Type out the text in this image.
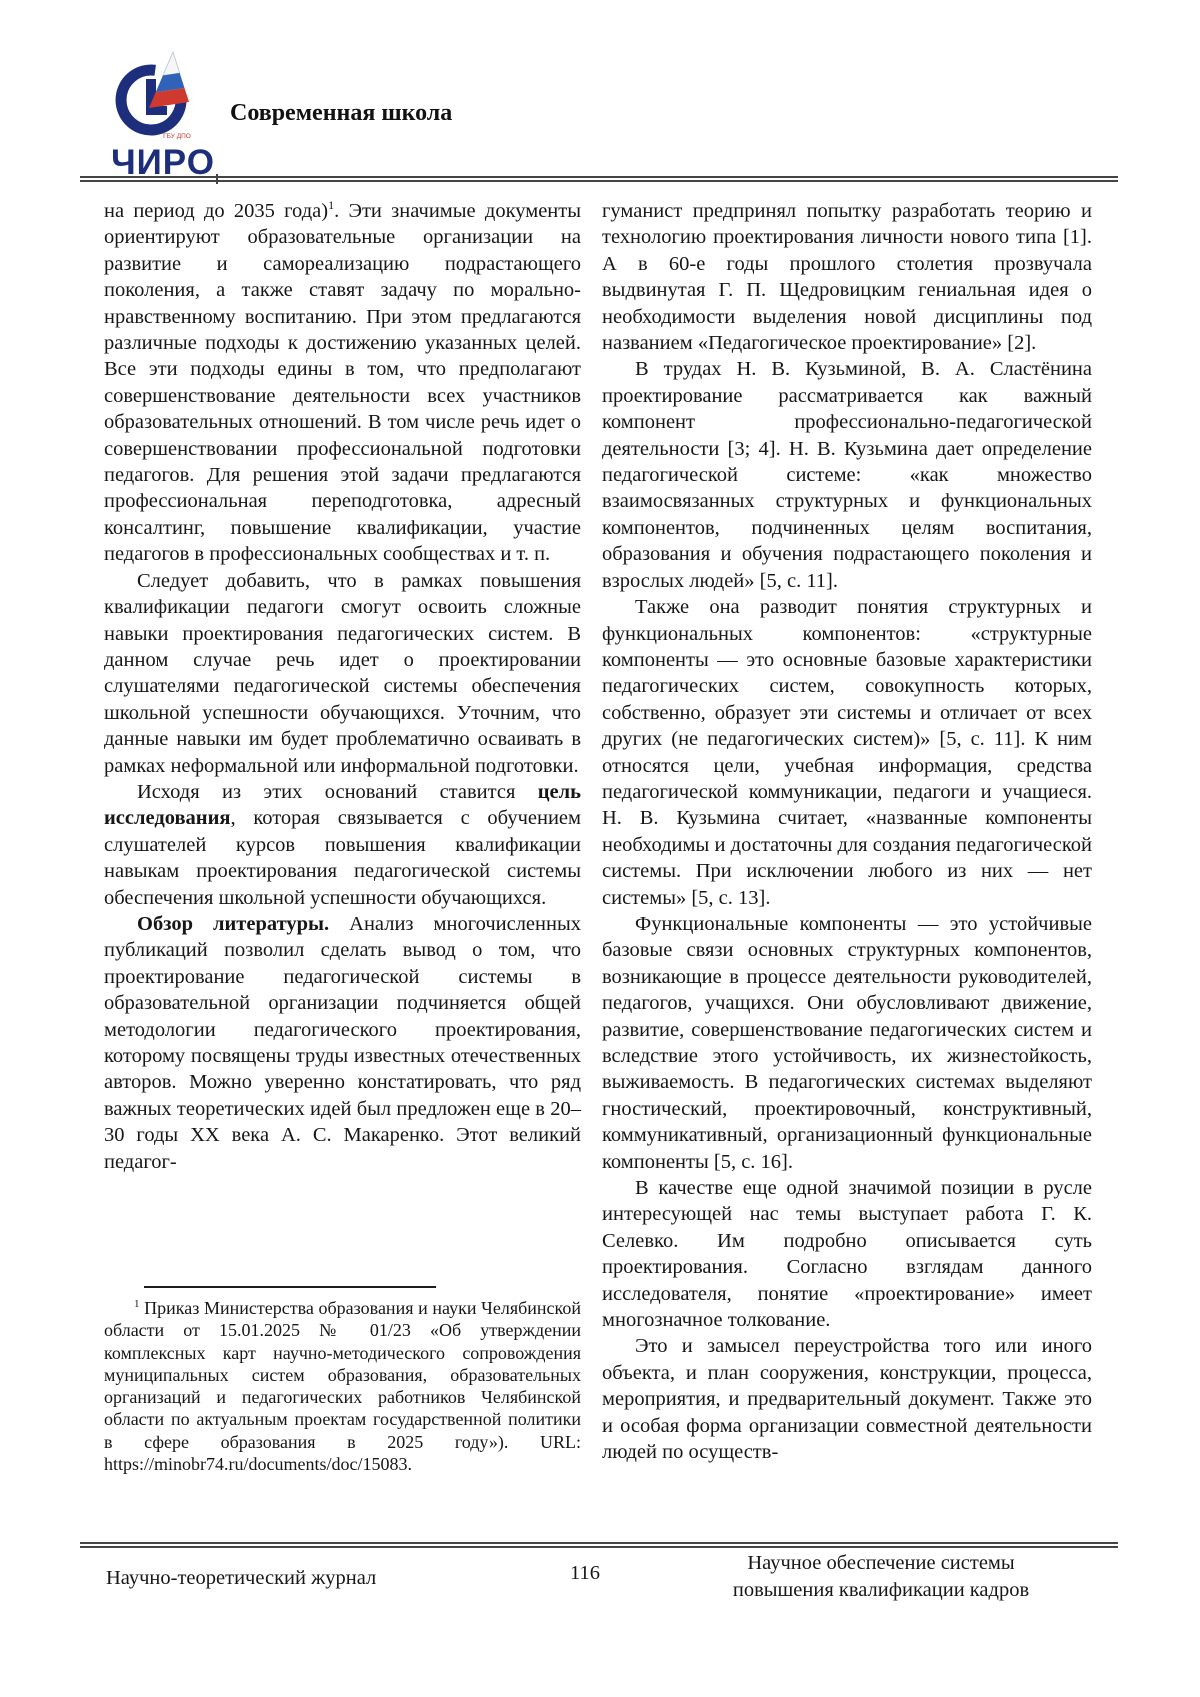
ГБУ ДПО
ЧИРО
Современная школа

на период до 2035 года)$^1$. Эти значимые документы ориентируют образовательные организации на развитие и самореализацию подрастающего поколения, а также ставят задачу по морально-нравственному воспитанию. При этом предлагаются различные подходы к достижению указанных целей. Все эти подходы едины в том, что предполагают совершенствование деятельности всех участников образовательных отношений. В том числе речь идет о совершенствовании профессиональной подготовки педагогов. Для решения этой задачи предлагаются профессиональная переподготовка, адресный консалтинг, повышение квалификации, участие педагогов в профессиональных сообществах и т. п.

Следует добавить, что в рамках повышения квалификации педагоги смогут освоить сложные навыки проектирования педагогических систем. В данном случае речь идет о проектировании слушателями педагогической системы обеспечения школьной успешности обучающихся. Уточним, что данные навыки им будет проблематично осваивать в рамках неформальной или информальной подготовки.

Исходя из этих оснований ставится цель исследования, которая связывается с обучением слушателей курсов повышения квалификации навыкам проектирования педагогической системы обеспечения школьной успешности обучающихся.

Обзор литературы. Анализ многочисленных публикаций позволил сделать вывод о том, что проектирование педагогической системы в образовательной организации подчиняется общей методологии педагогического проектирования, которому посвящены труды известных отечественных авторов. Можно уверенно констатировать, что ряд важных теоретических идей был предложен еще в 20–30 годы XX века А. С. Макаренко. Этот великий педагог-

гуманист предпринял попытку разработать теорию и технологию проектирования личности нового типа [1]. А в 60-е годы прошлого столетия прозвучала выдвинутая Г. П. Щедровицким гениальная идея о необходимости выделения новой дисциплины под названием «Педагогическое проектирование» [2].

В трудах Н. В. Кузьминой, В. А. Сластёнина проектирование рассматривается как важный компонент профессионально-педагогической деятельности [3; 4]. Н. В. Кузьмина дает определение педагогической системе: «как множество взаимосвязанных структурных и функциональных компонентов, подчиненных целям воспитания, образования и обучения подрастающего поколения и взрослых людей» [5, с. 11].

Также она разводит понятия структурных и функциональных компонентов: «структурные компоненты — это основные базовые характеристики педагогических систем, совокупность которых, собственно, образует эти системы и отличает от всех других (не педагогических систем)» [5, с. 11]. К ним относятся цели, учебная информация, средства педагогической коммуникации, педагоги и учащиеся. Н. В. Кузьмина считает, «названные компоненты необходимы и достаточны для создания педагогической системы. При исключении любого из них — нет системы» [5, с. 13].

Функциональные компоненты — это устойчивые базовые связи основных структурных компонентов, возникающие в процессе деятельности руководителей, педагогов, учащихся. Они обусловливают движение, развитие, совершенствование педагогических систем и вследствие этого устойчивость, их жизнестойкость, выживаемость. В педагогических системах выделяют гностический, проектировочный, конструктивный, коммуникативный, организационный функциональные компоненты [5, с. 16].

В качестве еще одной значимой позиции в русле интересующей нас темы выступает работа Г. К. Селевко. Им подробно описывается суть проектирования. Согласно взглядам данного исследователя, понятие «проектирование» имеет многозначное толкование.

Это и замысел переустройства того или иного объекта, и план сооружения, конструкции, процесса, мероприятия, и предварительный документ. Также это и особая форма организации совместной деятельности людей по осуществ-

$^1$ Приказ Министерства образования и науки Челябинской области от 15.01.2025 № 01/23 «Об утверждении комплексных карт научно-методического сопровождения муниципальных систем образования, образовательных организаций и педагогических работников Челябинской области по актуальным проектам государственной политики в сфере образования в 2025 году»). URL: https://minobr74.ru/documents/doc/15083.

Научно-теоретический журнал	116	Научное обеспечение системы
повышения квалификации кадров
